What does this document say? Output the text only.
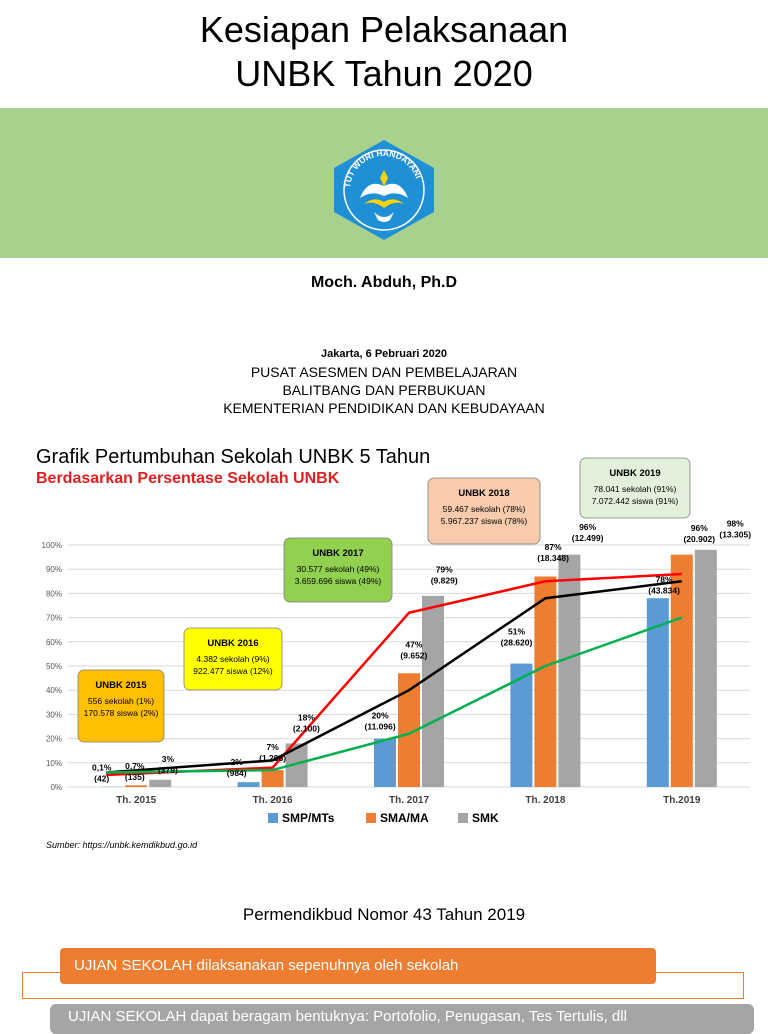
Kesiapan Pelaksanaan
UNBK Tahun 2020
TUT WURI HANDAYANI
Moch. Abduh, Ph.D
Jakarta, 6 Pebruari 2020
PUSAT ASESMEN DAN PEMBELAJARAN
BALITBANG DAN PERBUKUAN
KEMENTERIAN PENDIDIKAN DAN KEBUDAYAAN
Grafik Pertumbuhan Sekolah UNBK 5 Tahun
Berdasarkan Persentase Sekolah UNBK
0%
10%
20%
30%
40%
50%
60%
70%
80%
90%
100%
Th. 2015	Th. 2016	Th. 2017	Th. 2018	Th.2019
0,1%
(42)
2%
(984)
20%
(11.096)
51%
(28.620)
78%
(43.834)
0,7%
(135)
7%
(1.298)
47%
(9.652)
87%
(18.348)
96%
(20.902)
3%
(379)
18%
(2.100)
79%
(9.829)
96%
(12.499)
98%
(13.305)
UNBK 2015
556 sekolah (1%)
170.578 siswa (2%)
UNBK 2016
4.382 sekolah (9%)
922.477 siswa (12%)
UNBK 2017
30.577 sekolah (49%)
3.659.696 siswa (49%)
UNBK 2018
59.467 sekolah (78%)
5.967.237 siswa (78%)
UNBK 2019
78.041 sekolah (91%)
7.072.442 siswa (91%)
SMP/MTs	SMA/MA	SMK
Sumber: https://unbk.kemdikbud.go.id
Permendikbud Nomor 43 Tahun 2019
UJIAN SEKOLAH dilaksanakan sepenuhnya oleh sekolah
UJIAN SEKOLAH dapat beragam bentuknya: Portofolio, Penugasan, Tes Tertulis, dll
